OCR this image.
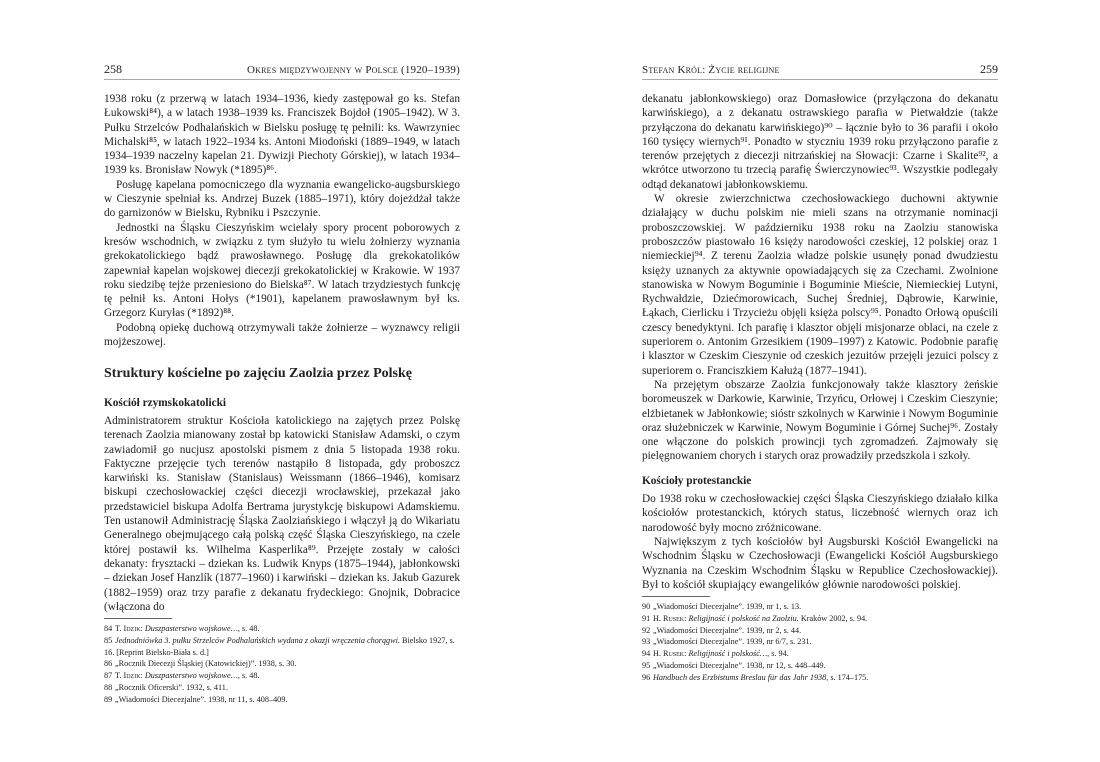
258	Okres międzywojenny w Polsce (1920–1939)

1938 roku (z przerwą w latach 1934–1936, kiedy zastępował go ks. Stefan Łukowski⁸⁴), a w latach 1938–1939 ks. Franciszek Bojdoł (1905–1942). W 3. Pułku Strzelców Podhalańskich w Bielsku posługę tę pełnili: ks. Wawrzyniec Michalski⁸⁵, w latach 1922–1934 ks. Antoni Miodoński (1889–1949, w latach 1934–1939 naczelny kapelan 21. Dywizji Piechoty Górskiej), w latach 1934–1939 ks. Bronisław Nowyk (*1895)⁸⁶.

Posługę kapelana pomocniczego dla wyznania ewangelicko-augsburskiego w Cieszynie spełniał ks. Andrzej Buzek (1885–1971), który dojeżdżał także do garnizonów w Bielsku, Rybniku i Pszczynie.

Jednostki na Śląsku Cieszyńskim wcielały spory procent poborowych z kresów wschodnich, w związku z tym służyło tu wielu żołnierzy wyznania grekokatolickiego bądź prawosławnego. Posługę dla grekokatolików zapewniał kapelan wojskowej diecezji grekokatolickiej w Krakowie. W 1937 roku siedzibę tejże przeniesiono do Bielska⁸⁷. W latach trzydziestych funkcję tę pełnił ks. Antoni Hołys (*1901), kapelanem prawosławnym był ks. Grzegorz Kuryłas (*1892)⁸⁸.

Podobną opiekę duchową otrzymywali także żołnierze – wyznawcy religii mojżeszowej.

Struktury kościelne po zajęciu Zaolzia przez Polskę
Kościół rzymskokatolicki

Administratorem struktur Kościoła katolickiego na zajętych przez Polskę terenach Zaolzia mianowany został bp katowicki Stanisław Adamski, o czym zawiadomił go nucjusz apostolski pismem z dnia 5 listopada 1938 roku. Faktyczne przejęcie tych terenów nastąpiło 8 listopada, gdy proboszcz karwiński ks. Stanisław (Stanislaus) Weissmann (1866–1946), komisarz biskupi czechosłowackiej części diecezji wrocławskiej, przekazał jako przedstawiciel biskupa Adolfa Bertrama jurystykcję biskupowi Adamskiemu. Ten ustanowił Administrację Śląska Zaolziańskiego i włączył ją do Wikariatu Generalnego obejmującego całą polską część Śląska Cieszyńskiego, na czele której postawił ks. Wilhelma Kasperlika⁸⁹. Przejęte zostały w całości dekanaty: frysztacki – dziekan ks. Ludwik Knyps (1875–1944), jabłonkowski – dziekan Josef Hanzlík (1877–1960) i karwiński – dziekan ks. Jakub Gazurek (1882–1959) oraz trzy parafie z dekanatu frydeckiego: Gnojnik, Dobracice (włączona do

84 T. Idzik: Duszpasterstwo wojskowe…, s. 48.
85 Jednodniówka 3. pułku Strzelców Podhalańskich wydana z okazji wręczenia chorągwi. Bielsko 1927, s. 16. [Reprint Bielsko-Biała s. d.]
86 „Rocznik Diecezji Śląskiej (Katowickiej)”. 1938, s. 30.
87 T. Idzik: Duszpasterstwo wojskowe…, s. 48.
88 „Rocznik Oficerski”. 1932, s. 411.
89 „Wiadomości Diecezjalne”. 1938, nr 11, s. 408–409.
Stefan Król: Życie religijne	259

dekanatu jabłonkowskiego) oraz Domasłowice (przyłączona do dekanatu karwińskiego), a z dekanatu ostrawskiego parafia w Pietwałdzie (także przyłączona do dekanatu karwińskiego)⁹⁰ – łącznie było to 36 parafii i około 160 tysięcy wiernych⁹¹. Ponadto w styczniu 1939 roku przyłączono parafie z terenów przejętych z diecezji nitrzańskiej na Słowacji: Czarne i Skalite⁹², a wkrótce utworzono tu trzecią parafię Świerczynowiec⁹³. Wszystkie podlegały odtąd dekanatowi jabłonkowskiemu.

W okresie zwierzchnictwa czechosłowackiego duchowni aktywnie działający w duchu polskim nie mieli szans na otrzymanie nominacji proboszczowskiej. W październiku 1938 roku na Zaolziu stanowiska proboszczów piastowało 16 księży narodowości czeskiej, 12 polskiej oraz 1 niemieckiej⁹⁴. Z terenu Zaolzia władze polskie usunęły ponad dwudziestu księży uznanych za aktywnie opowiadających się za Czechami. Zwolnione stanowiska w Nowym Boguminie i Boguminie Mieście, Niemieckiej Lutyni, Rychwałdzie, Dziećmorowicach, Suchej Średniej, Dąbrowie, Karwinie, Łąkach, Cierlicku i Trzycieżu objęli księża polscy⁹⁵. Ponadto Orłową opuścili czescy benedyktyni. Ich parafię i klasztor objęli misjonarze oblaci, na czele z superiorem o. Antonim Grzesikiem (1909–1997) z Katowic. Podobnie parafię i klasztor w Czeskim Cieszynie od czeskich jezuitów przejęli jezuici polscy z superiorem o. Franciszkiem Kałużą (1877–1941).

Na przejętym obszarze Zaolzia funkcjonowały także klasztory żeńskie boromeuszek w Darkowie, Karwinie, Trzyńcu, Orłowej i Czeskim Cieszynie; elżbietanek w Jabłonkowie; sióstr szkolnych w Karwinie i Nowym Boguminie oraz służebniczek w Karwinie, Nowym Boguminie i Górnej Suchej⁹⁶. Zostały one włączone do polskich prowincji tych zgromadzeń. Zajmowały się pielęgnowaniem chorych i starych oraz prowadziły przedszkola i szkoły.

Kościoły protestanckie

Do 1938 roku w czechosłowackiej części Śląska Cieszyńskiego działało kilka kościołów protestanckich, których status, liczebność wiernych oraz ich narodowość były mocno zróżnicowane.

Największym z tych kościołów był Augsburski Kościół Ewangelicki na Wschodnim Śląsku w Czechosłowacji (Ewangelicki Kościół Augsburskiego Wyznania na Czeskim Wschodnim Śląsku w Republice Czechosłowackiej). Był to kościół skupiający ewangelików głównie narodowości polskiej.

90 „Wiadomości Diecezjalne”. 1939, nr 1, s. 13.
91 H. Rusek: Religijność i polskość na Zaolziu. Kraków 2002, s. 94.
92 „Wiadomości Diecezjalne”. 1939, nr 2, s. 44.
93 „Wiadomości Diecezjalne”. 1939, nr 6/7, s. 231.
94 H. Rusek: Religijność i polskość…, s. 94.
95 „Wiadomości Diecezjalne”. 1938, nr 12, s. 448–449.
96 Handbuch des Erzbistums Breslau für das Jahr 1938, s. 174–175.
